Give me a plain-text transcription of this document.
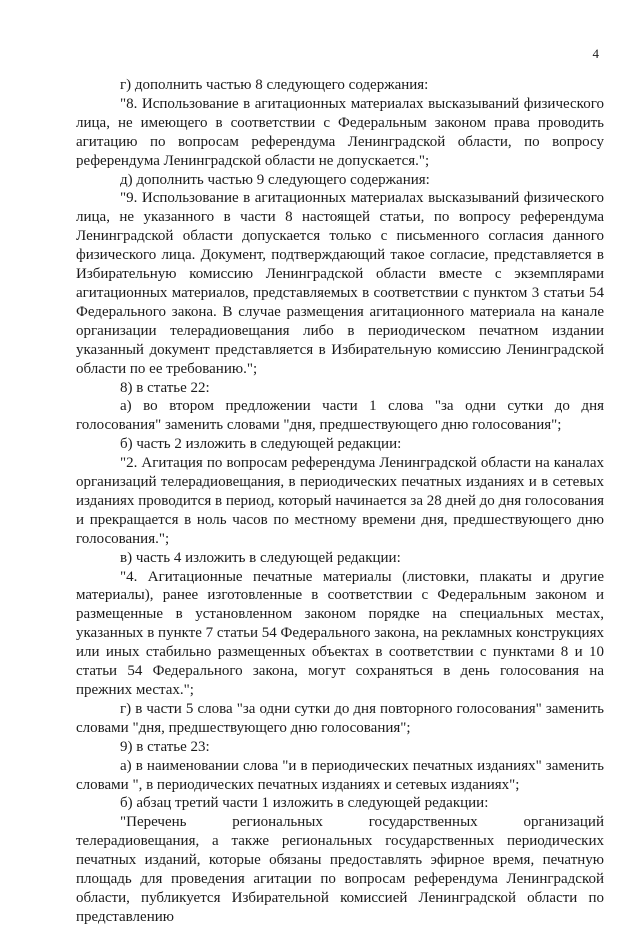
4

г) дополнить частью 8 следующего содержания:

"8. Использование в агитационных материалах высказываний физического лица, не имеющего в соответствии с Федеральным законом права проводить агитацию по вопросам референдума Ленинградской области, по вопросу референдума Ленинградской области не допускается.";

д) дополнить частью 9 следующего содержания:

"9. Использование в агитационных материалах высказываний физического лица, не указанного в части 8 настоящей статьи, по вопросу референдума Ленинградской области допускается только с письменного согласия данного физического лица. Документ, подтверждающий такое согласие, представляется в Избирательную комиссию Ленинградской области вместе с экземплярами агитационных материалов, представляемых в соответствии с пунктом 3 статьи 54 Федерального закона. В случае размещения агитационного материала на канале организации телерадиовещания либо в периодическом печатном издании указанный документ представляется в Избирательную комиссию Ленинградской области по ее требованию.";

8) в статье 22:

а) во втором предложении части 1 слова "за одни сутки до дня голосования" заменить словами "дня, предшествующего дню голосования";

б) часть 2 изложить в следующей редакции:

"2. Агитация по вопросам референдума Ленинградской области на каналах организаций телерадиовещания, в периодических печатных изданиях и в сетевых изданиях проводится в период, который начинается за 28 дней до дня голосования и прекращается в ноль часов по местному времени дня, предшествующего дню голосования.";

в) часть 4 изложить в следующей редакции:

"4. Агитационные печатные материалы (листовки, плакаты и другие материалы), ранее изготовленные в соответствии с Федеральным законом и размещенные в установленном законом порядке на специальных местах, указанных в пункте 7 статьи 54 Федерального закона, на рекламных конструкциях или иных стабильно размещенных объектах в соответствии с пунктами 8 и 10 статьи 54 Федерального закона, могут сохраняться в день голосования на прежних местах.";

г) в части 5 слова "за одни сутки до дня повторного голосования" заменить словами "дня, предшествующего дню голосования";

9) в статье 23:

а) в наименовании слова "и в периодических печатных изданиях" заменить словами ", в периодических печатных изданиях и сетевых изданиях";

б) абзац третий части 1 изложить в следующей редакции:

"Перечень региональных государственных организаций телерадиовещания, а также региональных государственных периодических печатных изданий, которые обязаны предоставлять эфирное время, печатную площадь для проведения агитации по вопросам референдума Ленинградской области, публикуется Избирательной комиссией Ленинградской области по представлению
